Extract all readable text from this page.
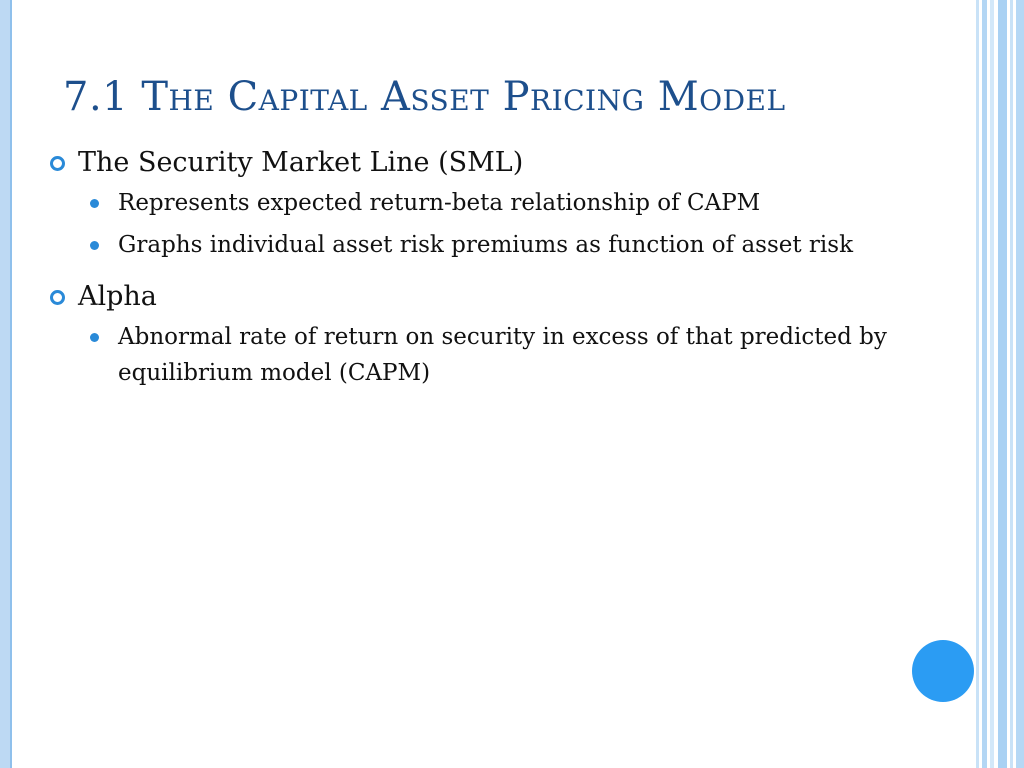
7.1 The Capital Asset Pricing Model
The Security Market Line (SML)
Represents expected return-beta relationship of CAPM
Graphs individual asset risk premiums as function of asset risk
Alpha
Abnormal rate of return on security in excess of that predicted by equilibrium model (CAPM)
